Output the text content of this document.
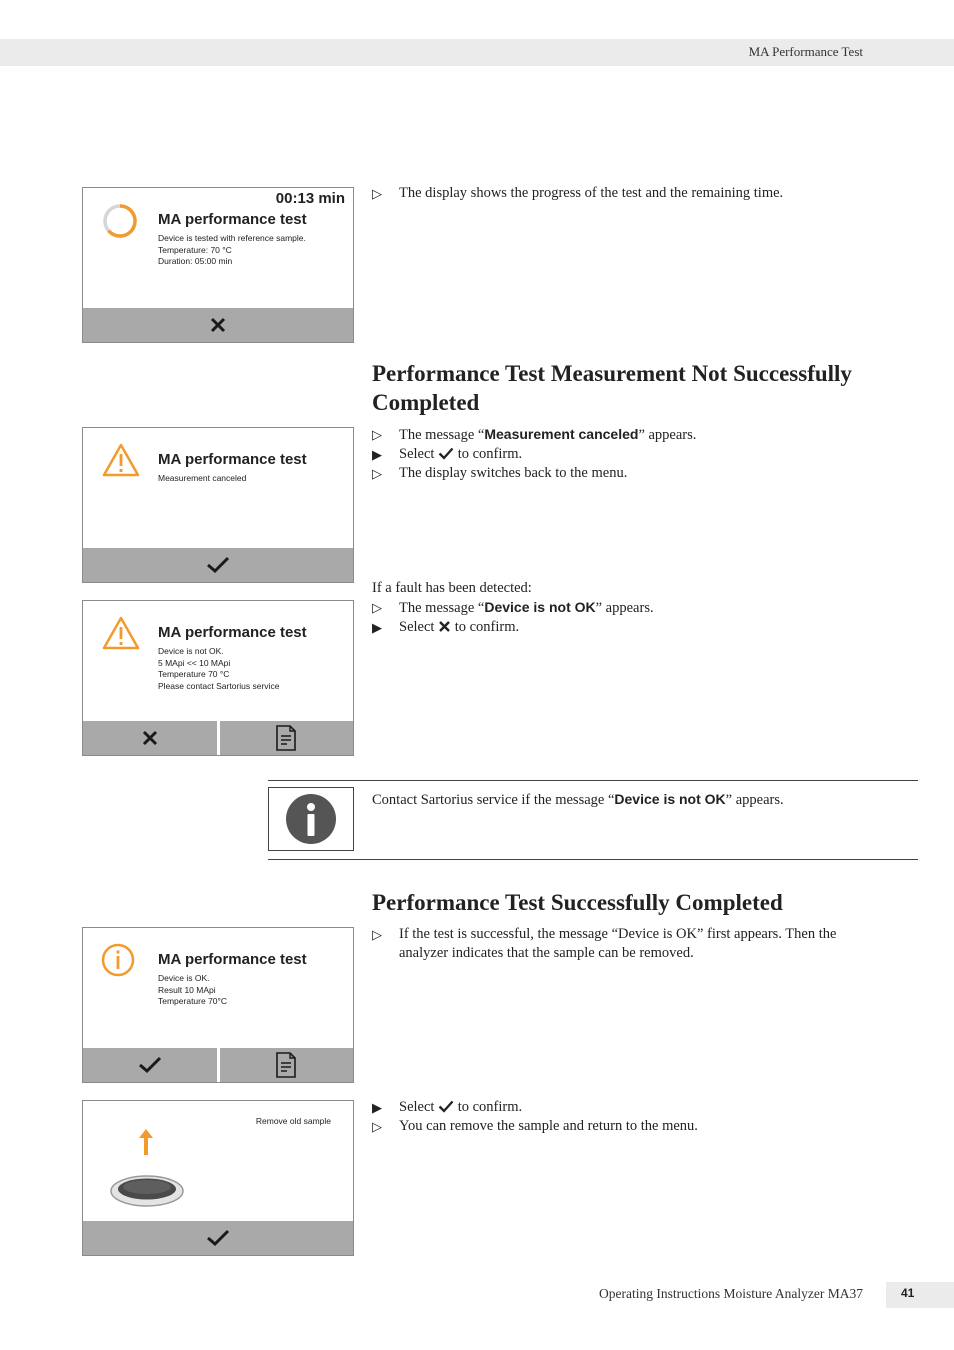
MA Performance Test
00:13 min
MA performance test
Device is tested with reference sample.
Temperature: 70 °C
Duration: 05:00 min
▷ The display shows the progress of the test and the remaining time.
Performance Test Measurement Not Successfully Completed
MA performance test
Measurement canceled
▷ The message “Measurement canceled” appears.
▶ Select to confirm.
▷ The display switches back to the menu.
MA performance test
Device is not OK.
5 MApi << 10 MApi
Temperature 70 °C
Please contact Sartorius service
If a fault has been detected:
▷ The message “Device is not OK” appears.
▶ Select to confirm.
Contact Sartorius service if the message “Device is not OK” appears.
Performance Test Successfully Completed
MA performance test
Device is OK.
Result 10 MApi
Temperature 70°C
▷ If the test is successful, the message “Device is OK” first appears. Then the analyzer indicates that the sample can be removed.
Remove old sample
▶ Select to confirm.
▷ You can remove the sample and return to the menu.
Operating Instructions Moisture Analyzer MA37	41
